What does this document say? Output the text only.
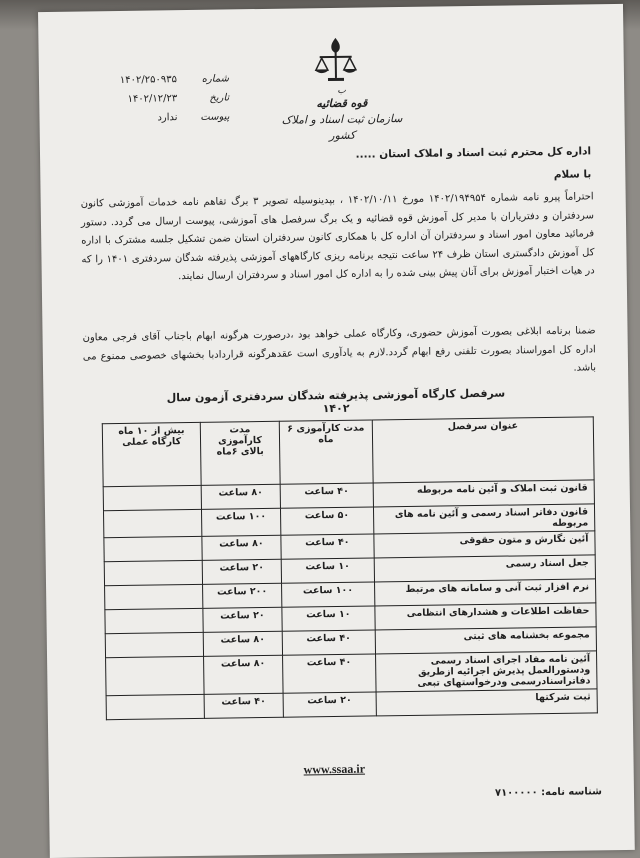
ب
قوه قضائیه
سازمان ثبت اسناد و املاک کشور
شماره
۱۴۰۲/۲۵۰۹۳۵
تاریخ
۱۴۰۲/۱۲/۲۳
پیوست
ندارد
اداره کل محترم ثبت اسناد و املاک استان .....
با سلام
احتراماً پیرو نامه شماره ۱۴۰۲/۱۹۴۹۵۴ مورخ ۱۴۰۲/۱۰/۱۱ ، بپدینوسیله تصویر ۳ برگ تفاهم نامه خدمات آموزشی کانون سردفتران و دفتریاران با مدیر کل آموزش قوه قضائیه و یک برگ سرفصل های آموزشی، پیوست ارسال می گردد. دستور فرمائید معاون امور اسناد و سردفتران آن اداره کل با همکاری کانون سردفتران استان ضمن تشکیل جلسه مشترک با اداره کل آموزش دادگستری استان ظرف ۲۴ ساعت نتیجه برنامه ریزی کارگاههای آموزشی پذیرفته شدگان سردفتری ۱۴۰۱ را که در هیات اختبار آموزش برای آنان پیش بینی شده را به اداره کل امور اسناد و سردفتران ارسال نمایند.
ضمنا برنامه ابلاغی بصورت آموزش حضوری، وکارگاه عملی خواهد بود ،درصورت هرگونه ابهام باجناب آقای فرجی معاون اداره کل اموراسناد بصورت تلفنی رفع ابهام گردد.لازم به یادآوری است عقدهرگونه قراردادبا بخشهای خصوصی ممنوع می باشد.
سرفصل کارگاه آموزشی پذیرفته شدگان سردفتری آزمون سال ۱۴۰۲
عنوان سرفصل	مدت کارآموزی ۶ ماه	مدت کارآموزی بالای ۶ماه	بیش از ۱۰ ماه کارگاه عملی
قانون ثبت املاک و آئین نامه مربوطه	۴۰ ساعت	۸۰ ساعت	
قانون دفاتر اسناد رسمی و آئین نامه های مربوطه	۵۰ ساعت	۱۰۰ ساعت	
آئین نگارش و متون حقوقی	۴۰ ساعت	۸۰ ساعت	
جعل اسناد رسمی	۱۰ ساعت	۲۰ ساعت	
نرم افزار ثبت آنی و سامانه های مرتبط	۱۰۰ ساعت	۲۰۰ ساعت	
حفاظت اطلاعات و هشدارهای انتظامی	۱۰ ساعت	۲۰ ساعت	
مجموعه بخشنامه های ثبتی	۴۰ ساعت	۸۰ ساعت	
آئین نامه مفاد اجرای اسناد رسمی ودستورالعمل پذیرش اجرائیه ازطریق دفاتراسنادرسمی ودرخواستهای تبعی	۴۰ ساعت	۸۰ ساعت	
ثبت شرکتها	۲۰ ساعت	۴۰ ساعت	
www.ssaa.ir
شناسه نامه: ۷۱۰۰۰۰۰
